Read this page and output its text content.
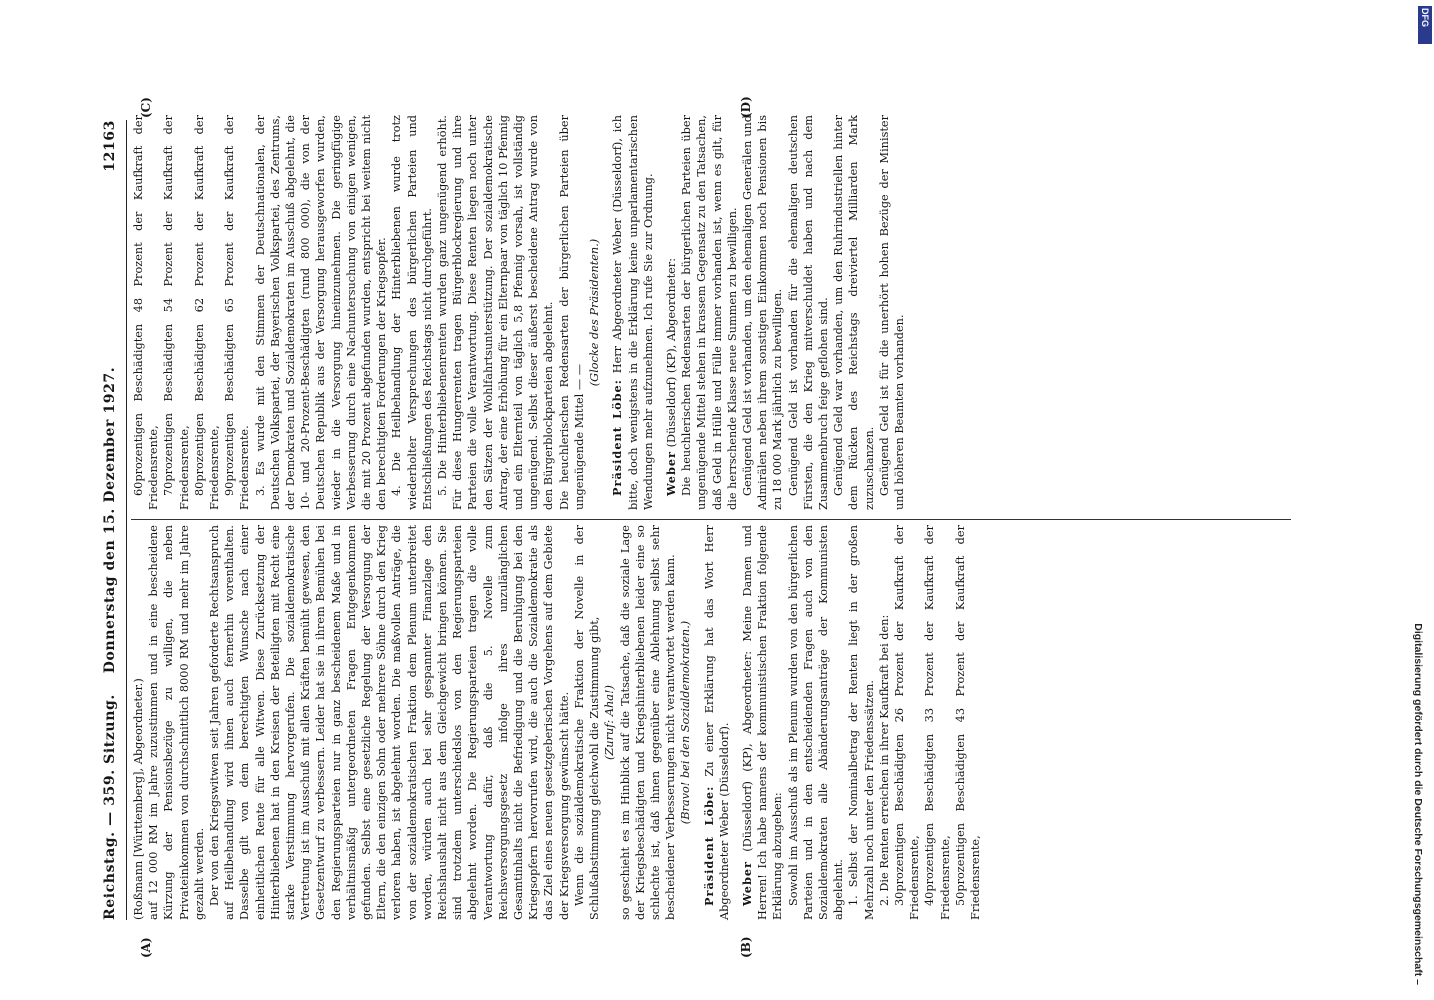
Reichstag. — 359. Sitzung.
Donnerstag den 15. Dezember 1927.
12163
(A)	(B)
(C)	(D)

(Roßmann [Württemberg], Abgeordneter.) auf 12 000 RM im Jahre zuzustimmen und in eine bescheidene Kürzung der Pensionsbezüge zu willigen, die neben Privateinkommen von durchschnittlich 8000 RM und mehr im Jahre gezahlt werden. Der von den Kriegswitwen seit Jahren geforderte Rechtsanspruch auf Heilbehandlung wird ihnen auch fernerhin vorenthalten. Dasselbe gilt von dem berechtigten Wunsche nach einer einheitlichen Rente für alle Witwen. Diese Zurücksetzung der Hinterbliebenen hat in den Kreisen der Beteiligten mit Recht eine starke Verstimmung hervorgerufen. Die sozialdemokratische Vertretung ist im Ausschuß mit allen Kräften bemüht gewesen, den Gesetzentwurf zu verbessern. Leider hat sie in ihrem Bemühen bei den Regierungsparteien nur in ganz bescheidenem Maße und in verhältnismäßig untergeordneten Fragen Entgegenkommen gefunden. Selbst eine gesetzliche Regelung der Versorgung der Eltern, die den einzigen Sohn oder mehrere Söhne durch den Krieg verloren haben, ist abgelehnt worden. Die maßvollen Anträge, die von der sozialdemokratischen Fraktion dem Plenum unterbreitet worden, würden auch bei sehr gespannter Finanzlage den Reichshaushalt nicht aus dem Gleichgewicht bringen können. Sie sind trotzdem unterschiedslos von den Regierungsparteien abgelehnt worden. Die Regierungsparteien tragen die volle Verantwortung dafür, daß die 5. Novelle zum Reichsversorgungsgesetz infolge ihres unzulänglichen Gesamtinhalts nicht die Befriedigung und die Beruhigung bei den Kriegsopfern hervorrufen wird, die auch die Sozialdemokratie als das Ziel eines neuen gesetzgeberischen Vorgehens auf dem Gebiete der Kriegsversorgung gewünscht hätte. Wenn die sozialdemokratische Fraktion der Novelle in der Schlußabstimmung gleichwohl die Zustimmung gibt, (Zuruf: Aha!) so geschieht es im Hinblick auf die Tatsache, daß die soziale Lage der Kriegsbeschädigten und Kriegshinterbliebenen leider eine so schlechte ist, daß ihnen gegenüber eine Ablehnung selbst sehr bescheidener Verbesserungen nicht verantwortet werden kann. (Bravo! bei den Sozialdemokraten.)

Präsident Löbe: Zu einer Erklärung hat das Wort Herr Abgeordneter Weber (Düsseldorf). Weber (Düsseldorf) (KP), Abgeordneter: Meine Damen und Herren! Ich habe namens der kommunistischen Fraktion folgende Erklärung abzugeben: Sowohl im Ausschuß als im Plenum wurden von den bürgerlichen Parteien und in den entscheidenden Fragen auch von den Sozialdemokraten alle Abänderungsanträge der Kommunisten abgelehnt. 1. Selbst der Nominalbetrag der Renten liegt in der großen Mehrzahl noch unter den Friedenssätzen. 2. Die Renten erreichen in ihrer Kaufkraft bei den: 30prozentigen Beschädigten 26 Prozent der Kaufkraft der Friedensrente, 40prozentigen Beschädigten 33 Prozent der Kaufkraft der Friedensrente, 50prozentigen Beschädigten 43 Prozent der Kaufkraft der Friedensrente,

60prozentigen Beschädigten 48 Prozent der Kaufkraft der Friedensrente, 70prozentigen Beschädigten 54 Prozent der Kaufkraft der Friedensrente, 80prozentigen Beschädigten 62 Prozent der Kaufkraft der Friedensrente, 90prozentigen Beschädigten 65 Prozent der Kaufkraft der Friedensrente. 3. Es wurde mit den Stimmen der Deutschnationalen, der Deutschen Volkspartei, der Bayerischen Volkspartei, des Zentrums, der Demokraten und Sozialdemokraten im Ausschuß abgelehnt, die 10- und 20-Prozent-Beschädigten (rund 800 000), die von der Deutschen Republik aus der Versorgung herausgeworfen wurden, wieder in die Versorgung hineinzunehmen. Die geringfügige Verbesserung durch eine Nachuntersuchung von einigen wenigen, die mit 20 Prozent abgefunden wurden, entspricht bei weitem nicht den berechtigten Forderungen der Kriegsopfer. 4. Die Heilbehandlung der Hinterbliebenen wurde trotz wiederholter Versprechungen des bürgerlichen Parteien und Entschließungen des Reichstags nicht durchgeführt. 5. Die Hinterbliebenenrenten wurden ganz ungenügend erhöht. Für diese Hungerrenten tragen Bürgerblockregierung und ihre Parteien die volle Verantwortung. Diese Renten liegen noch unter den Sätzen der Wohlfahrtsunterstützung. Der sozialdemokratische Antrag, der eine Erhöhung für ein Elternpaar von täglich 10 Pfennig und ein Elternteil von täglich 5,8 Pfennig vorsah, ist vollständig ungenügend. Selbst dieser äußerst bescheidene Antrag wurde von den Bürgerblockparteien abgelehnt. Die heuchlerischen Redensarten der bürgerlichen Parteien über ungenügende Mittel — —

(Glocke des Präsidenten.)

Präsident Löbe: Herr Abgeordneter Weber (Düsseldorf), ich bitte, doch wenigstens in die Erklärung keine unparlamentarischen Wendungen mehr aufzunehmen. Ich rufe Sie zur Ordnung. Weber (Düsseldorf) (KP), Abgeordneter: Die heuchlerischen Redensarten der bürgerlichen Parteien über ungenügende Mittel stehen in krassem Gegensatz zu den Tatsachen, daß Geld in Hülle und Fülle immer vorhanden ist, wenn es gilt, für die herrschende Klasse neue Summen zu bewilligen. Genügend Geld ist vorhanden, um den ehemaligen Generälen und Admirälen neben ihrem sonstigen Einkommen noch Pensionen bis zu 18 000 Mark jährlich zu bewilligen. Genügend Geld ist vorhanden für die ehemaligen deutschen Fürsten, die den Krieg mitverschuldet haben und nach dem Zusammenbruch feige geflohen sind. Genügend Geld war vorhanden, um den Ruhrindustriellen hinter dem Rücken des Reichstags dreiviertel Milliarden Mark zuzuschanzen. Genügend Geld ist für die unerhört hohen Bezüge der Minister und höheren Beamten vorhanden.

Digitalisierung gefördert durch die Deutsche Forschungsgemeinschaft –
DFG
